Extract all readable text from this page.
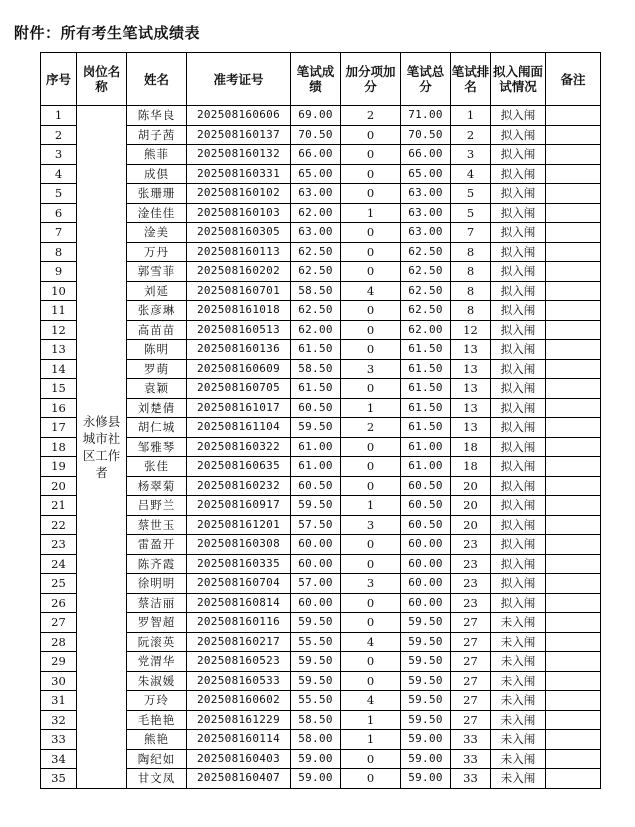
附件：所有考生笔试成绩表
序号	岗位名称	姓名	准考证号	笔试成绩	加分项加分	笔试总分	笔试排名	拟入闱面试情况	备注
1	永修县城市社区工作者	陈华良	202508160606	69.00	2	71.00	1	拟入闱	
2		胡子茜	202508160137	70.50	0	70.50	2	拟入闱	
3		熊菲	202508160132	66.00	0	66.00	3	拟入闱	
4		成倶	202508160331	65.00	0	65.00	4	拟入闱	
5		张珊珊	202508160102	63.00	0	63.00	5	拟入闱	
6		淦佳佳	202508160103	62.00	1	63.00	5	拟入闱	
7		淦美	202508160305	63.00	0	63.00	7	拟入闱	
8		万丹	202508160113	62.50	0	62.50	8	拟入闱	
9		郭雪菲	202508160202	62.50	0	62.50	8	拟入闱	
10		刘延	202508160701	58.50	4	62.50	8	拟入闱	
11		张彦琳	202508161018	62.50	0	62.50	8	拟入闱	
12		高苗苗	202508160513	62.00	0	62.00	12	拟入闱	
13		陈明	202508160136	61.50	0	61.50	13	拟入闱	
14		罗萌	202508160609	58.50	3	61.50	13	拟入闱	
15		袁颖	202508160705	61.50	0	61.50	13	拟入闱	
16		刘楚倩	202508161017	60.50	1	61.50	13	拟入闱	
17		胡仁城	202508161104	59.50	2	61.50	13	拟入闱	
18		邹雅琴	202508160322	61.00	0	61.00	18	拟入闱	
19		张佳	202508160635	61.00	0	61.00	18	拟入闱	
20		杨翠菊	202508160232	60.50	0	60.50	20	拟入闱	
21		吕野兰	202508160917	59.50	1	60.50	20	拟入闱	
22		蔡世玉	202508161201	57.50	3	60.50	20	拟入闱	
23		雷盈开	202508160308	60.00	0	60.00	23	拟入闱	
24		陈齐霞	202508160335	60.00	0	60.00	23	拟入闱	
25		徐明明	202508160704	57.00	3	60.00	23	拟入闱	
26		蔡洁丽	202508160814	60.00	0	60.00	23	拟入闱	
27		罗智超	202508160116	59.50	0	59.50	27	未入闱	
28		阮滚英	202508160217	55.50	4	59.50	27	未入闱	
29		党渭华	202508160523	59.50	0	59.50	27	未入闱	
30		朱淑媛	202508160533	59.50	0	59.50	27	未入闱	
31		万玲	202508160602	55.50	4	59.50	27	未入闱	
32		毛艳艳	202508161229	58.50	1	59.50	27	未入闱	
33		熊艳	202508160114	58.00	1	59.00	33	未入闱	
34		陶纪如	202508160403	59.00	0	59.00	33	未入闱	
35		甘文凤	202508160407	59.00	0	59.00	33	未入闱	
